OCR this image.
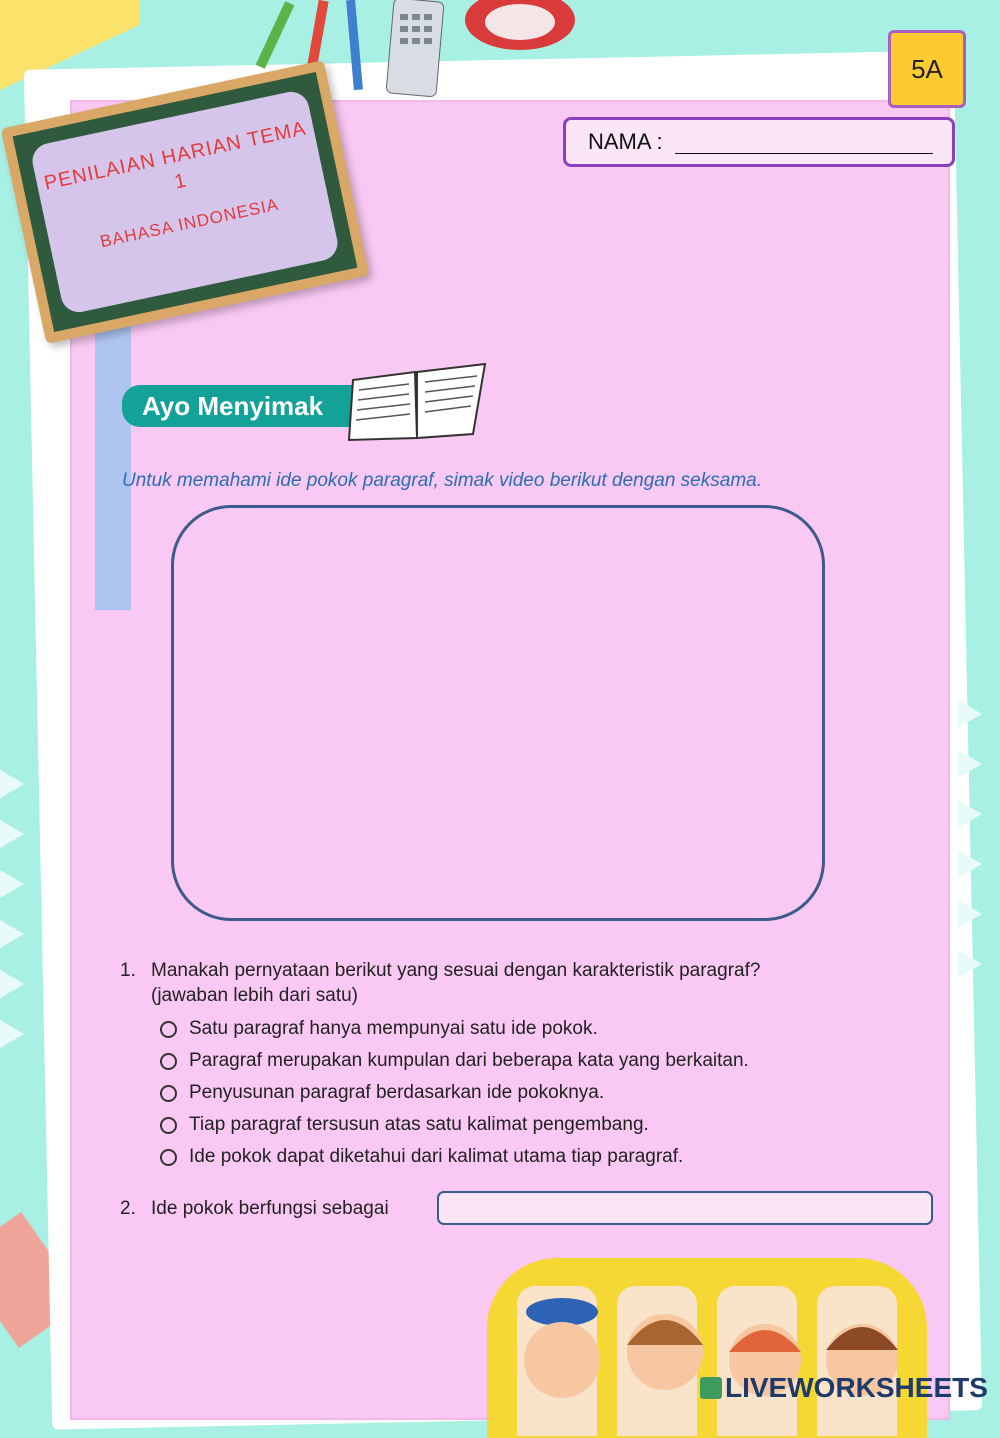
PENILAIAN HARIAN TEMA 1
BAHASA INDONESIA
5A
NAMA :
Ayo Menyimak
Untuk memahami ide pokok paragraf, simak video berikut dengan seksama.
1. Manakah pernyataan berikut yang sesuai dengan karakteristik paragraf?
(jawaban lebih dari satu)
Satu paragraf hanya mempunyai satu ide pokok.
Paragraf merupakan kumpulan dari beberapa kata yang berkaitan.
Penyusunan paragraf berdasarkan ide pokoknya.
Tiap paragraf tersusun atas satu kalimat pengembang.
Ide pokok dapat diketahui dari kalimat utama tiap paragraf.
2. Ide pokok berfungsi sebagai
LIVEWORKSHEETS
